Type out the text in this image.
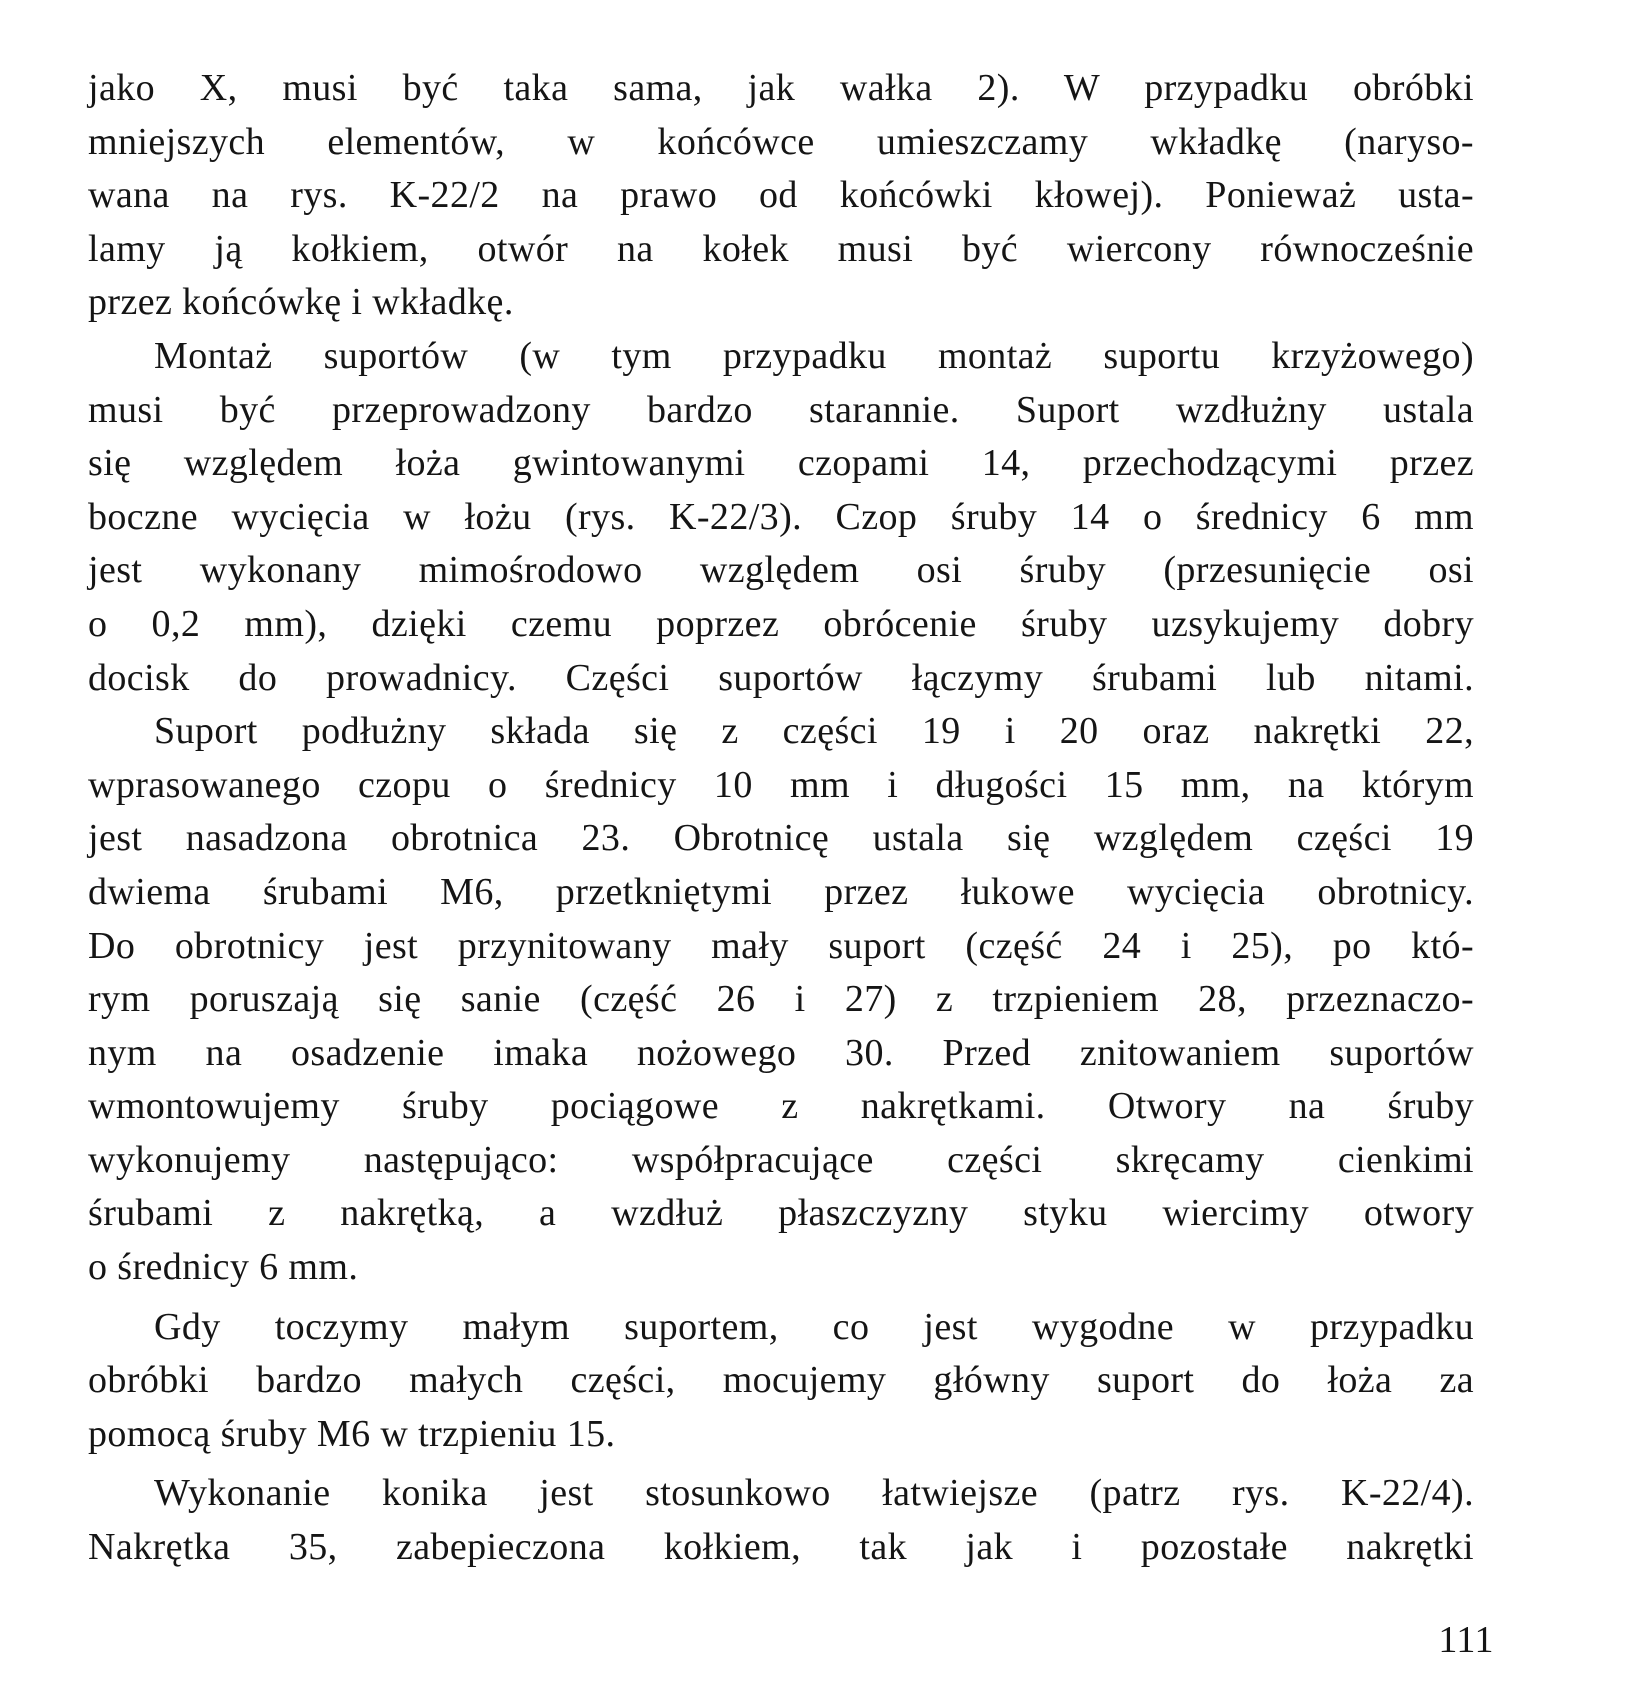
jako X, musi być taka sama, jak wałka 2). W przypadku obróbki
mniejszych elementów, w końcówce umieszczamy wkładkę (naryso-
wana na rys. K-22/2 na prawo od końcówki kłowej). Ponieważ usta-
lamy ją kołkiem, otwór na kołek musi być wiercony równocześnie
przez końcówkę i wkładkę.
Montaż suportów (w tym przypadku montaż suportu krzyżowego)
musi być przeprowadzony bardzo starannie. Suport wzdłużny ustala
się względem łoża gwintowanymi czopami 14, przechodzącymi przez
boczne wycięcia w łożu (rys. K-22/3). Czop śruby 14 o średnicy 6 mm
jest wykonany mimośrodowo względem osi śruby (przesunięcie osi
o 0,2 mm), dzięki czemu poprzez obrócenie śruby uzsykujemy dobry
docisk do prowadnicy. Części suportów łączymy śrubami lub nitami.
Suport podłużny składa się z części 19 i 20 oraz nakrętki 22,
wprasowanego czopu o średnicy 10 mm i długości 15 mm, na którym
jest nasadzona obrotnica 23. Obrotnicę ustala się względem części 19
dwiema śrubami M6, przetkniętymi przez łukowe wycięcia obrotnicy.
Do obrotnicy jest przynitowany mały suport (część 24 i 25), po któ-
rym poruszają się sanie (część 26 i 27) z trzpieniem 28, przeznaczo-
nym na osadzenie imaka nożowego 30. Przed znitowaniem suportów
wmontowujemy śruby pociągowe z nakrętkami. Otwory na śruby
wykonujemy następująco: współpracujące części skręcamy cienkimi
śrubami z nakrętką, a wzdłuż płaszczyzny styku wiercimy otwory
o średnicy 6 mm.
Gdy toczymy małym suportem, co jest wygodne w przypadku
obróbki bardzo małych części, mocujemy główny suport do łoża za
pomocą śruby M6 w trzpieniu 15.
Wykonanie konika jest stosunkowo łatwiejsze (patrz rys. K-22/4).
Nakrętka 35, zabepieczona kołkiem, tak jak i pozostałe nakrętki
111
